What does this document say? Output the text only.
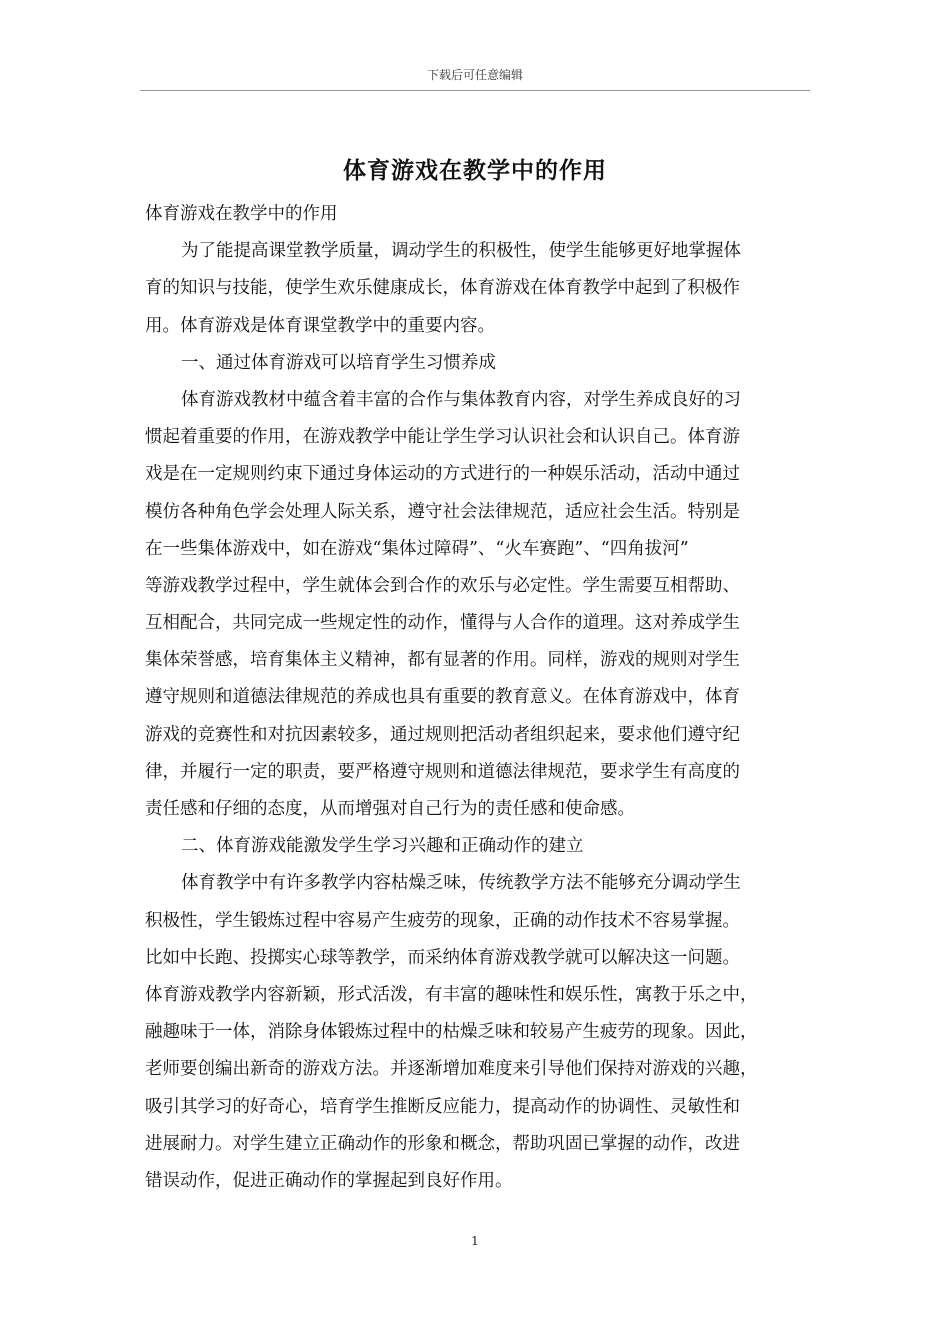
下载后可任意编辑
体育游戏在教学中的作用
体育游戏在教学中的作用
为了能提高课堂教学质量，调动学生的积极性，使学生能够更好地掌握体
育的知识与技能，使学生欢乐健康成长，体育游戏在体育教学中起到了积极作
用。体育游戏是体育课堂教学中的重要内容。
一、通过体育游戏可以培育学生习惯养成
体育游戏教材中蕴含着丰富的合作与集体教育内容，对学生养成良好的习
惯起着重要的作用，在游戏教学中能让学生学习认识社会和认识自己。体育游
戏是在一定规则约束下通过身体运动的方式进行的一种娱乐活动，活动中通过
模仿各种角色学会处理人际关系，遵守社会法律规范，适应社会生活。特别是
在一些集体游戏中，如在游戏“集体过障碍”、“火车赛跑”、“四角拔河”
等游戏教学过程中，学生就体会到合作的欢乐与必定性。学生需要互相帮助、
互相配合，共同完成一些规定性的动作，懂得与人合作的道理。这对养成学生
集体荣誉感，培育集体主义精神，都有显著的作用。同样，游戏的规则对学生
遵守规则和道德法律规范的养成也具有重要的教育意义。在体育游戏中，体育
游戏的竞赛性和对抗因素较多，通过规则把活动者组织起来，要求他们遵守纪
律，并履行一定的职责，要严格遵守规则和道德法律规范，要求学生有高度的
责任感和仔细的态度，从而增强对自己行为的责任感和使命感。
二、体育游戏能激发学生学习兴趣和正确动作的建立
体育教学中有许多教学内容枯燥乏味，传统教学方法不能够充分调动学生
积极性，学生锻炼过程中容易产生疲劳的现象，正确的动作技术不容易掌握。
比如中长跑、投掷实心球等教学，而采纳体育游戏教学就可以解决这一问题。
体育游戏教学内容新颖，形式活泼，有丰富的趣味性和娱乐性，寓教于乐之中，
融趣味于一体，消除身体锻炼过程中的枯燥乏味和较易产生疲劳的现象。因此，
老师要创编出新奇的游戏方法。并逐渐增加难度来引导他们保持对游戏的兴趣，
吸引其学习的好奇心，培育学生推断反应能力，提高动作的协调性、灵敏性和
进展耐力。对学生建立正确动作的形象和概念，帮助巩固已掌握的动作，改进
错误动作，促进正确动作的掌握起到良好作用。
1
